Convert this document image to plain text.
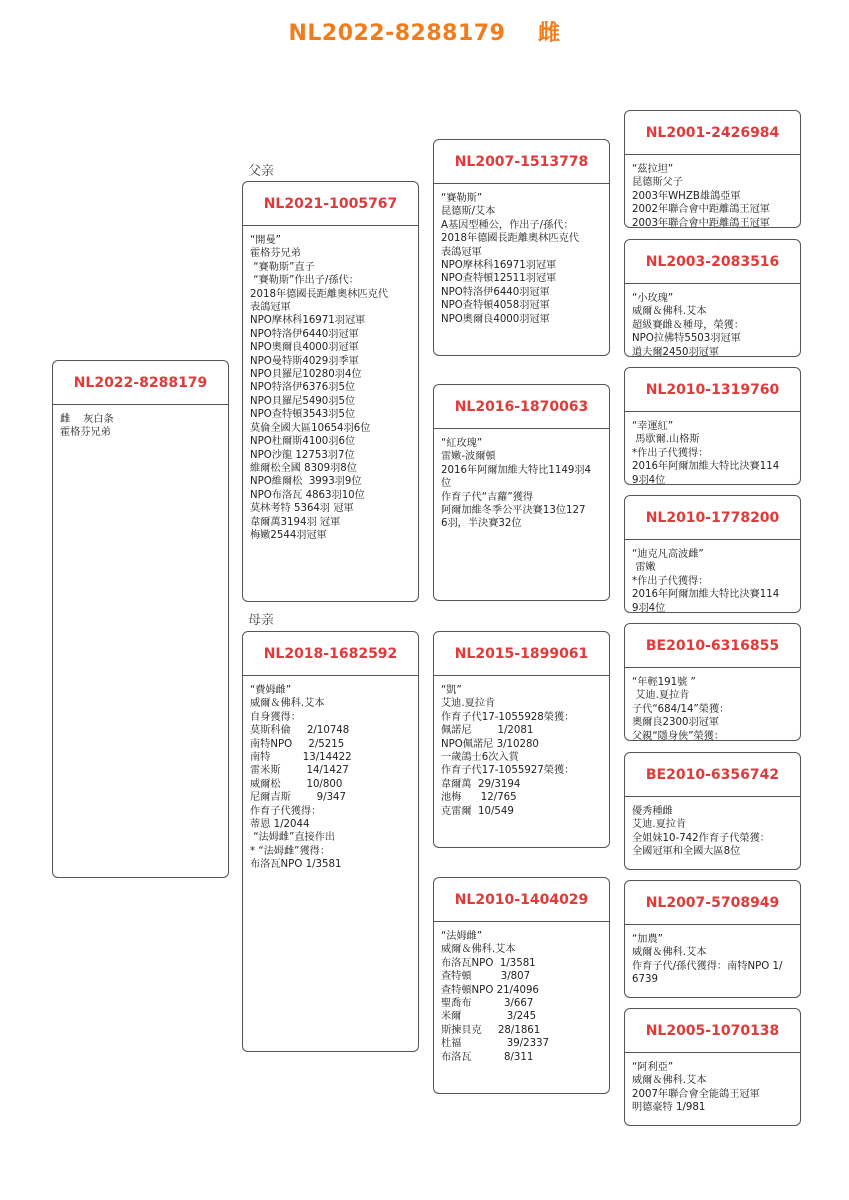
NL2022-8288179    雌
父亲
母亲
NL2022-8288179
雌    灰白条
霍格芬兄弟
NL2021-1005767
“開曼”
霍格芬兄弟
“賽勒斯”直子
“賽勒斯”作出子/孫代：
2018年德國長距離奧林匹克代
表鴿冠軍
NPO摩林科16971羽冠軍
NPO特洛伊6440羽冠軍
NPO奧爾良4000羽冠軍
NPO曼特斯4029羽季軍
NPO貝羅尼10280羽4位
NPO特洛伊6376羽5位
NPO貝羅尼5490羽5位
NPO查特頓3543羽5位
莫倫全國大區10654羽6位
NPO杜爾斯4100羽6位
NPO沙龍 12753羽7位
維爾松全國 8309羽8位
NPO維爾松  3993羽9位
NPO布洛瓦 4863羽10位
莫林考特 5364羽 冠軍
韋爾萬3194羽 冠軍
梅嫩2544羽冠軍
NL2018-1682592
“費姆雌”
威爾＆佛科.艾本
自身獲得：
莫斯科倫     2/10748
南特NPO     2/5215
南特          13/14422
雷米斯        14/1427
威爾松        10/800
尼爾吉斯        9/347
作育子代獲得：
蒂恩 1/2044
“法姆雌”直接作出
* “法姆雌”獲得：
布洛瓦NPO 1/3581
NL2007-1513778
“賽勒斯”
昆德斯/艾本
A基因型種公，作出子/孫代：
2018年德國長距離奧林匹克代
表鴿冠軍
NPO摩林科16971羽冠軍
NPO查特頓12511羽冠軍
NPO特洛伊6440羽冠軍
NPO查特頓4058羽冠軍
NPO奧爾良4000羽冠軍
NL2016-1870063
“紅玫瑰”
雷嫩-波爾頓
2016年阿爾加維大特比1149羽4
位
作育子代“吉蘿”獲得
阿爾加維冬季公平決賽13位127
6羽，半決賽32位
NL2015-1899061
“凱”
艾迪.夏拉肯
作育子代17-1055928榮獲：
佩諾尼        1/2081
NPO佩諾尼 3/10280
一歲鴿士6次入賞
作育子代17-1055927榮獲：
韋爾萬  29/3194
池梅      12/765
克雷爾  10/549
NL2010-1404029
“法姆雌”
威爾＆佛科.艾本
布洛瓦NPO  1/3581
查特頓         3/807
查特頓NPO 21/4096
聖喬布          3/667
米爾              3/245
斯揀貝克     28/1861
杜福              39/2337
布洛瓦          8/311
NL2001-2426984
“茲拉坦”
昆德斯父子
2003年WHZB雄鴿亞軍
2002年聯合會中距離鴿王冠軍
2003年聯合會中距離鴿王冠軍
NL2003-2083516
“小玫瑰”
威爾＆佛科.艾本
超級賽雌＆種母，榮獲：
NPO拉佛特5503羽冠軍
道夫爾2450羽冠軍
NL2010-1319760
“幸運紅”
馬歇爾.山格斯
*作出子代獲得：
2016年阿爾加維大特比決賽114
9羽4位
NL2010-1778200
“迪克凡高波雌”
雷嫩
*作出子代獲得：
2016年阿爾加維大特比決賽114
9羽4位
BE2010-6316855
“年輕191號 ”
艾迪.夏拉肯
子代“684/14”榮獲：
奧爾良2300羽冠軍
父親“隱身俠”榮獲：
BE2010-6356742
優秀種雌
艾迪.夏拉肯
全姐妹10-742作育子代榮獲：
全國冠軍和全國大區8位
NL2007-5708949
“加農”
威爾＆佛科.艾本
作育子代/孫代獲得：南特NPO 1/
6739
NL2005-1070138
“阿利亞”
威爾＆佛科.艾本
2007年聯合會全能鴿王冠軍
明德豪特 1/981
